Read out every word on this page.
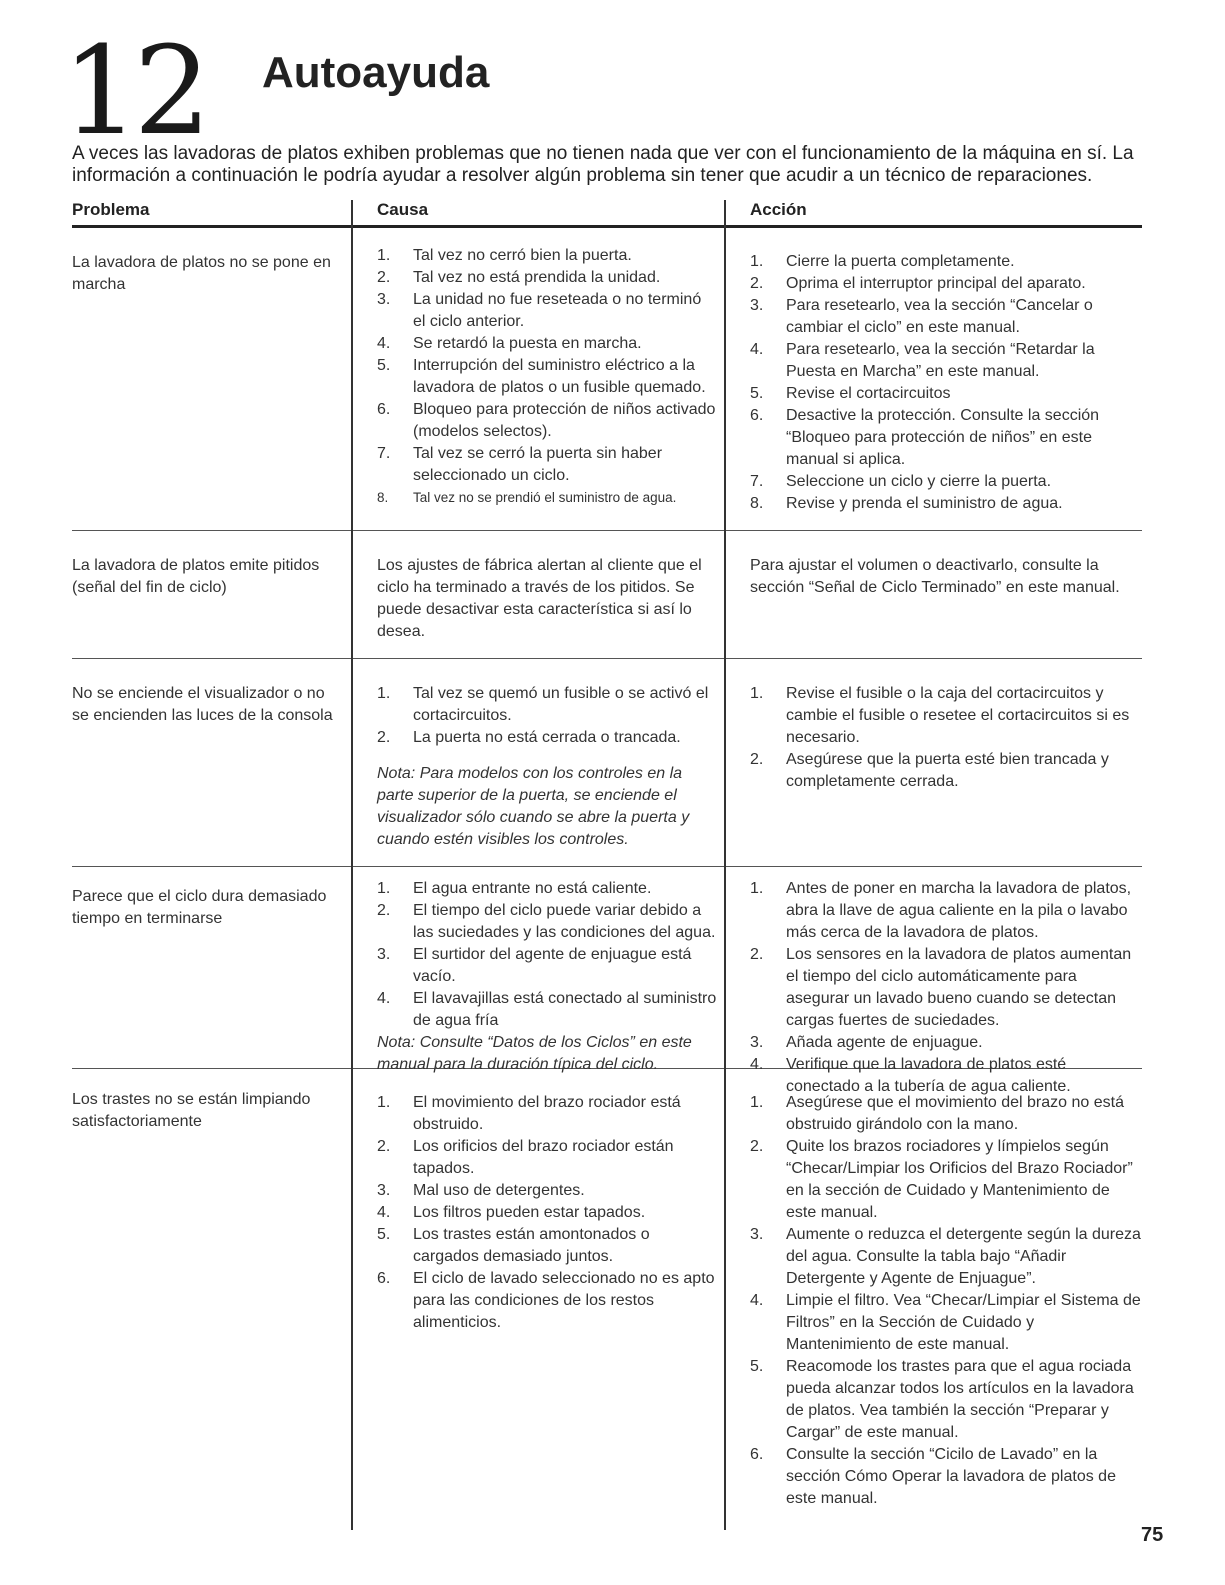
12 Autoayuda

A veces las lavadoras de platos exhiben problemas que no tienen nada que ver con el funcionamiento de la máquina en sí. La información a continuación le podría ayudar a resolver algún problema sin tener que acudir a un técnico de reparaciones.

Problema	Causa	Acción
La lavadora de platos no se pone en marcha
1. Tal vez no cerró bien la puerta.
2. Tal vez no está prendida la unidad.
3. La unidad no fue reseteada o no terminó el ciclo anterior.
4. Se retardó la puesta en marcha.
5. Interrupción del suministro eléctrico a la lavadora de platos o un fusible quemado.
6. Bloqueo para protección de niños activado (modelos selectos).
7. Tal vez se cerró la puerta sin haber seleccionado un ciclo.
8. Tal vez no se prendió el suministro de agua.
1. Cierre la puerta completamente.
2. Oprima el interruptor principal del aparato.
3. Para resetearlo, vea la sección “Cancelar o cambiar el ciclo” en este manual.
4. Para resetearlo, vea la sección “Retardar la Puesta en Marcha” en este manual.
5. Revise el cortacircuitos
6. Desactive la protección. Consulte la sección “Bloqueo para protección de niños” en este manual si aplica.
7. Seleccione un ciclo y cierre la puerta.
8. Revise y prenda el suministro de agua.
La lavadora de platos emite pitidos (señal del fin de ciclo)
Los ajustes de fábrica alertan al cliente que el ciclo ha terminado a través de los pitidos. Se puede desactivar esta característica si así lo desea.
Para ajustar el volumen o deactivarlo, consulte la sección “Señal de Ciclo Terminado” en este manual.
No se enciende el visualizador o no se encienden las luces de la consola
1. Tal vez se quemó un fusible o se activó el cortacircuitos.
2. La puerta no está cerrada o trancada.

Nota: Para modelos con los controles en la parte superior de la puerta, se enciende el visualizador sólo cuando se abre la puerta y cuando estén visibles los controles.

1. Revise el fusible o la caja del cortacircuitos y cambie el fusible o resetee el cortacircuitos si es necesario.
2. Asegúrese que la puerta esté bien trancada y completamente cerrada.
Parece que el ciclo dura demasiado tiempo en terminarse
1. El agua entrante no está caliente.
2. El tiempo del ciclo puede variar debido a las suciedades y las condiciones del agua.
3. El surtidor del agente de enjuague está vacío.
4. El lavavajillas está conectado al suministro de agua fría

Nota: Consulte “Datos de los Ciclos” en este manual para la duración típica del ciclo.

1. Antes de poner en marcha la lavadora de platos, abra la llave de agua caliente en la pila o lavabo más cerca de la lavadora de platos.
2. Los sensores en la lavadora de platos aumentan el tiempo del ciclo automáticamente para asegurar un lavado bueno cuando se detectan cargas fuertes de suciedades.
3. Añada agente de enjuague.
4. Verifique que la lavadora de platos esté conectado a la tubería de agua caliente.
Los trastes no se están limpiando satisfactoriamente
1. El movimiento del brazo rociador está obstruido.
2. Los orificios del brazo rociador están tapados.
3. Mal uso de detergentes.
4. Los filtros pueden estar tapados.
5. Los trastes están amontonados o cargados demasiado juntos.
6. El ciclo de lavado seleccionado no es apto para las condiciones de los restos alimenticios.
1. Asegúrese que el movimiento del brazo no está obstruido girándolo con la mano.
2. Quite los brazos rociadores y límpielos según “Checar/Limpiar los Orificios del Brazo Rociador” en la sección de Cuidado y Mantenimiento de este manual.
3. Aumente o reduzca el detergente según la dureza del agua. Consulte la tabla bajo “Añadir Detergente y Agente de Enjuague”.
4. Limpie el filtro. Vea “Checar/Limpiar el Sistema de Filtros” en la Sección de Cuidado y Mantenimiento de este manual.
5. Reacomode los trastes para que el agua rociada pueda alcanzar todos los artículos en la lavadora de platos. Vea también la sección “Preparar y Cargar” de este manual.
6. Consulte la sección “Cicilo de Lavado” en la sección Cómo Operar la lavadora de platos de este manual.
75
